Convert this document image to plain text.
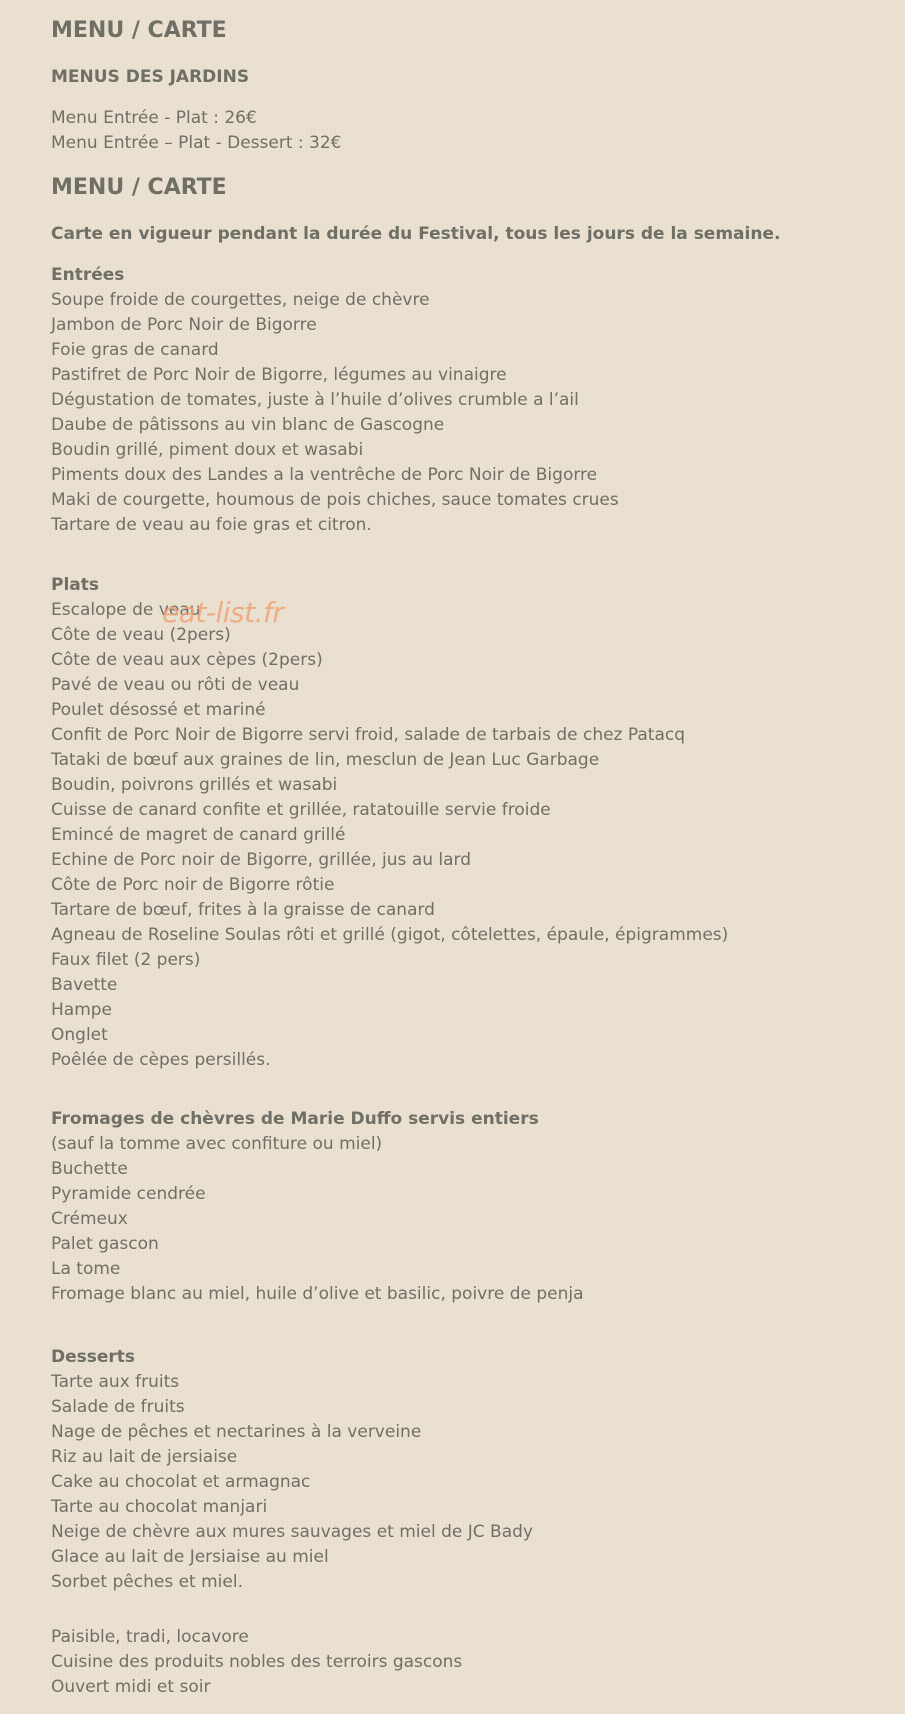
MENU / CARTE
MENUS DES JARDINS
Menu Entrée - Plat : 26€
Menu Entrée – Plat - Dessert : 32€
MENU / CARTE
Carte en vigueur pendant la durée du Festival, tous les jours de la semaine.
Entrées
Soupe froide de courgettes, neige de chèvre
Jambon de Porc Noir de Bigorre
Foie gras de canard
Pastifret de Porc Noir de Bigorre, légumes au vinaigre
Dégustation de tomates, juste à l’huile d’olives crumble a l’ail
Daube de pâtissons au vin blanc de Gascogne
Boudin grillé, piment doux et wasabi
Piments doux des Landes a la ventrêche de Porc Noir de Bigorre
Maki de courgette, houmous de pois chiches, sauce tomates crues
Tartare de veau au foie gras et citron.
Plats
Escalope de veau
Côte de veau (2pers)
Côte de veau aux cèpes (2pers)
Pavé de veau ou rôti de veau
Poulet désossé et mariné
Confit de Porc Noir de Bigorre servi froid, salade de tarbais de chez Patacq
Tataki de bœuf aux graines de lin, mesclun de Jean Luc Garbage
Boudin, poivrons grillés et wasabi
Cuisse de canard confite et grillée, ratatouille servie froide
Emincé de magret de canard grillé
Echine de Porc noir de Bigorre, grillée, jus au lard
Côte de Porc noir de Bigorre rôtie
Tartare de bœuf, frites à la graisse de canard
Agneau de Roseline Soulas rôti et grillé (gigot, côtelettes, épaule, épigrammes)
Faux filet (2 pers)
Bavette
Hampe
Onglet
Poêlée de cèpes persillés.
Fromages de chèvres de Marie Duffo servis entiers
(sauf la tomme avec confiture ou miel)
Buchette
Pyramide cendrée
Crémeux
Palet gascon
La tome
Fromage blanc au miel, huile d’olive et basilic, poivre de penja
Desserts
Tarte aux fruits
Salade de fruits
Nage de pêches et nectarines à la verveine
Riz au lait de jersiaise
Cake au chocolat et armagnac
Tarte au chocolat manjari
Neige de chèvre aux mures sauvages et miel de JC Bady
Glace au lait de Jersiaise au miel
Sorbet pêches et miel.
Paisible, tradi, locavore
Cuisine des produits nobles des terroirs gascons
Ouvert midi et soir
eat-list.fr
